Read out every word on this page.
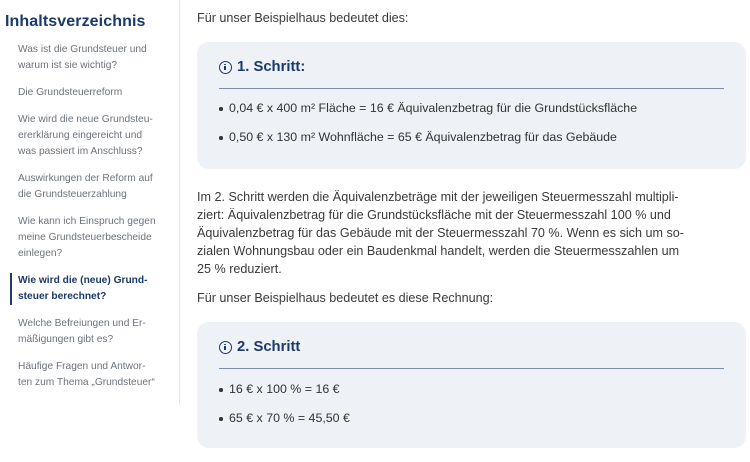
Inhaltsverzeichnis
Was ist die Grundsteuer und
warum ist sie wichtig?
Die Grundsteuerreform
Wie wird die neue Grundsteu-
ererklärung eingereicht und
was passiert im Anschluss?
Auswirkungen der Reform auf
die Grundsteuerzahlung
Wie kann ich Einspruch gegen
meine Grundsteuerbescheide
einlegen?
Wie wird die (neue) Grund-
steuer berechnet?
Welche Befreiungen und Er-
mäßigungen gibt es?
Häufige Fragen und Antwor-
ten zum Thema „Grundsteuer“

Für unser Beispielhaus bedeutet dies:

1. Schritt:
0,04 € x 400 m² Fläche = 16 € Äquivalenzbetrag für die Grundstücksfläche
0,50 € x 130 m² Wohnfläche = 65 € Äquivalenzbetrag für das Gebäude
Im 2. Schritt werden die Äquivalenzbeträge mit der jeweiligen Steuermesszahl multipli-
ziert: Äquivalenzbetrag für die Grundstücksfläche mit der Steuermesszahl 100 % und
Äquivalenzbetrag für das Gebäude mit der Steuermesszahl 70 %. Wenn es sich um so-
zialen Wohnungsbau oder ein Baudenkmal handelt, werden die Steuermesszahlen um
25 % reduziert.

Für unser Beispielhaus bedeutet es diese Rechnung:

2. Schritt
16 € x 100 % = 16 €
65 € x 70 % = 45,50 €
